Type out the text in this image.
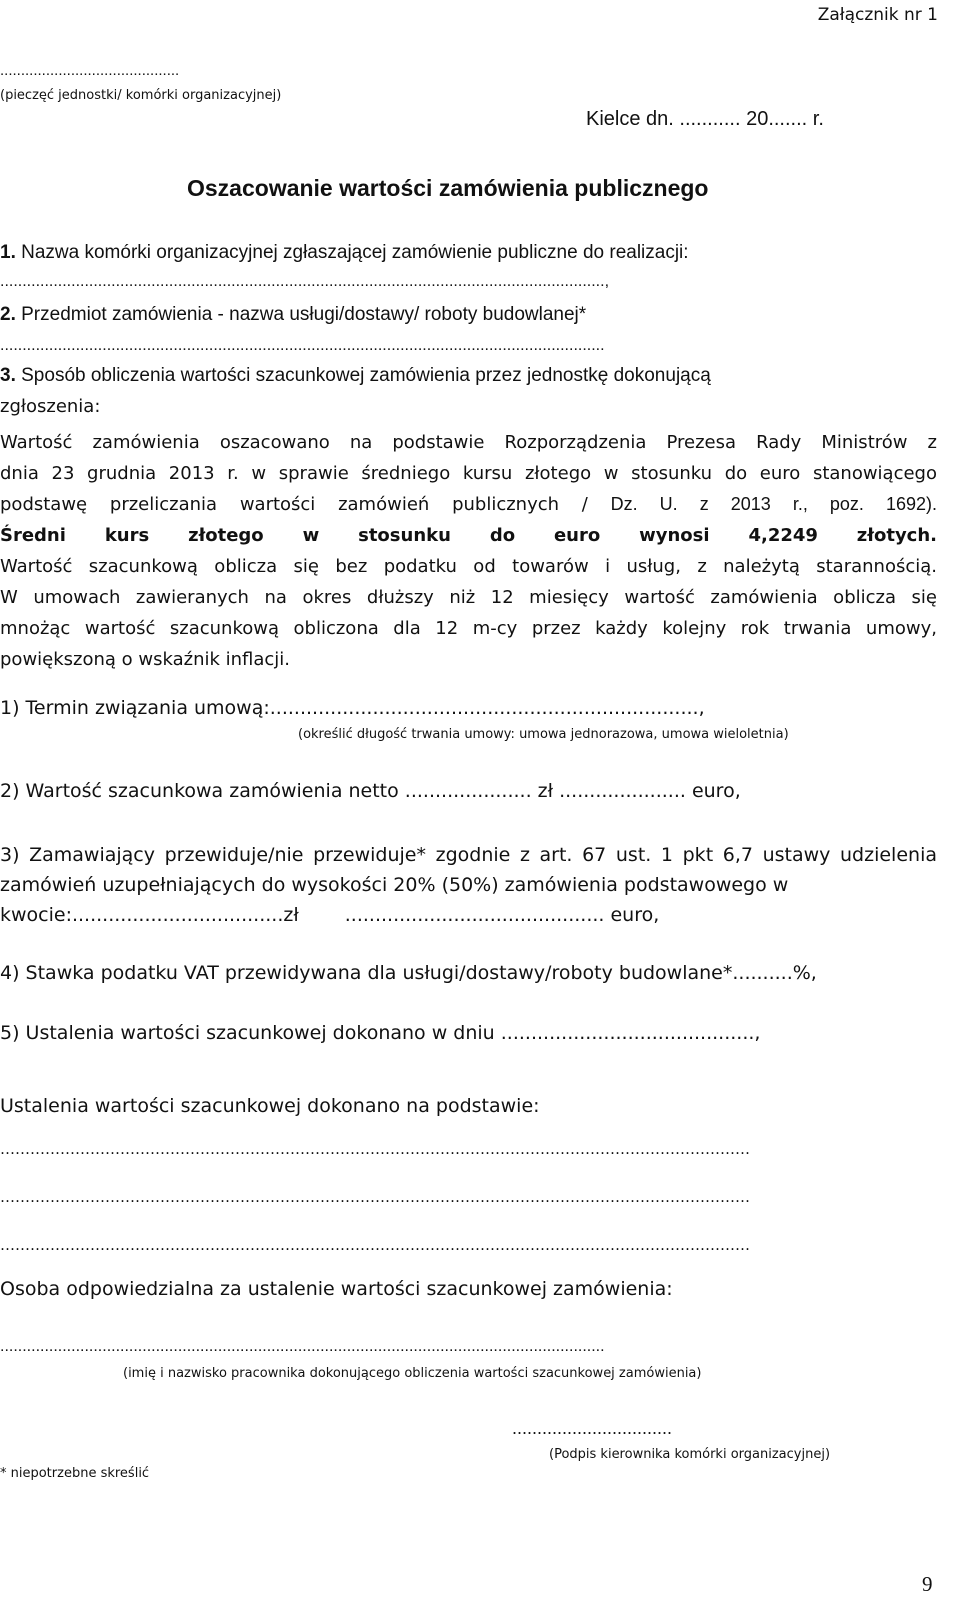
Załącznik nr 1
...........................................
(pieczęć jednostki/ komórki organizacyjnej)
Kielce dn. ........... 20....... r.
Oszacowanie wartości zamówienia publicznego
1. Nazwa komórki organizacyjnej zgłaszającej zamówienie publiczne do realizacji:
........................................................................................................................................,
2. Przedmiot zamówienia - nazwa usługi/dostawy/ roboty budowlanej*
........................................................................................................................................
3. Sposób obliczenia wartości szacunkowej zamówienia przez jednostkę dokonującą
zgłoszenia:
Wartość zamówienia oszacowano na podstawie Rozporządzenia Prezesa Rady Ministrów z
dnia 23 grudnia 2013 r. w sprawie średniego kursu złotego w stosunku do euro stanowiącego
podstawę przeliczania wartości zamówień publicznych / Dz. U. z 2013 r., poz. 1692).
Średni kurs złotego w stosunku do euro wynosi 4,2249 złotych.
Wartość szacunkową oblicza się bez podatku od towarów i usług, z należytą starannością.
W umowach zawieranych na okres dłuższy niż 12 miesięcy wartość zamówienia oblicza się
mnożąc wartość szacunkową obliczona dla 12 m-cy przez każdy kolejny rok trwania umowy,
powiększoną o wskaźnik inflacji.
1) Termin związania umową:.......................................................................,
(określić długość trwania umowy: umowa jednorazowa, umowa wieloletnia)
2) Wartość szacunkowa zamówienia netto ..................... zł ..................... euro,
3) Zamawiający przewiduje/nie przewiduje* zgodnie z art. 67 ust. 1 pkt 6,7 ustawy udzielenia
zamówień uzupełniających do wysokości 20% (50%) zamówienia podstawowego w
kwocie:...................................zł ........................................... euro,
4) Stawka podatku VAT przewidywana dla usługi/dostawy/roboty budowlane*..........%,
5) Ustalenia wartości szacunkowej dokonano w dniu ..........................................,
Ustalenia wartości szacunkowej dokonano na podstawie:
……………………………………………………………………………………………………………………………………
……………………………………………………………………………………………………………………………………
……………………………………………………………………………………………………………………………………
Osoba odpowiedzialna za ustalenie wartości szacunkowej zamówienia:
........................................................................................................................................
(imię i nazwisko pracownika dokonującego obliczenia wartości szacunkowej zamówienia)
................................
(Podpis kierownika komórki organizacyjnej)
* niepotrzebne skreślić
9
